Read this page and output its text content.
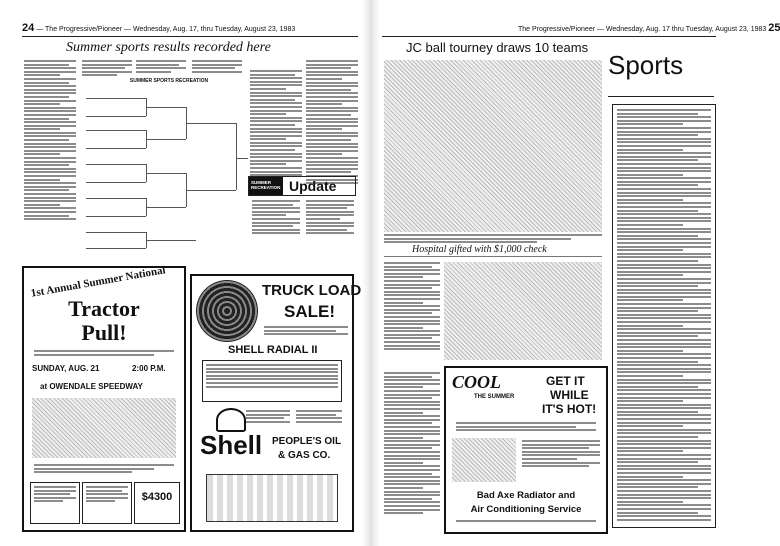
24 — The Progressive/Pioneer — Wednesday, Aug. 17, thru Tuesday, August 23, 1983
Summer sports results recorded here
SUMMER SPORTS RECREATION
SUMMER
RECREATION Update
1st Annual Summer National
Tractor
Pull!
SUNDAY, AUG. 21	2:00 P.M.
at OWENDALE SPEEDWAY
$4300
TRUCK LOAD
SALE!
SHELL RADIAL II
Shell PEOPLE'S OIL
& GAS CO.
The Progressive/Pioneer — Wednesday, Aug. 17 thru Tuesday, August 23, 1983 25
JC ball tourney draws 10 teams
Sports
Hospital gifted with $1,000 check
COOL
THE SUMMER
GET IT
WHILE
IT'S HOT!
Bad Axe Radiator and
Air Conditioning Service
